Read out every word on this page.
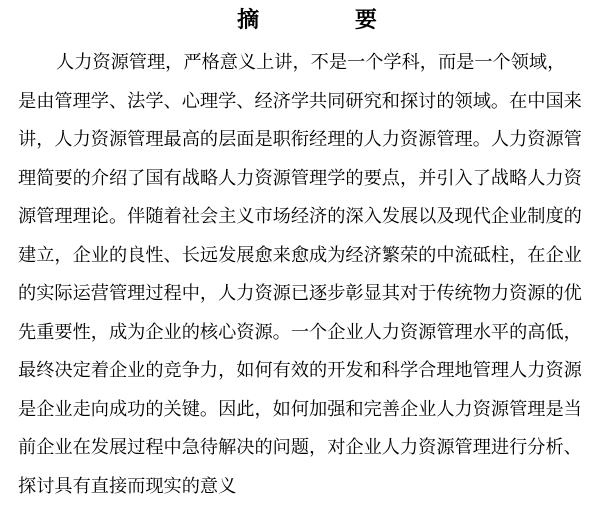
摘 要
人力资源管理，严格意义上讲，不是一个学科，而是一个领域，
是由管理学、法学、心理学、经济学共同研究和探讨的领域。在中国来
讲，人力资源管理最高的层面是职衔经理的人力资源管理。人力资源管
理简要的介绍了国有战略人力资源管理学的要点，并引入了战略人力资
源管理理论。伴随着社会主义市场经济的深入发展以及现代企业制度的
建立，企业的良性、长远发展愈来愈成为经济繁荣的中流砥柱，在企业
的实际运营管理过程中，人力资源已逐步彰显其对于传统物力资源的优
先重要性，成为企业的核心资源。一个企业人力资源管理水平的高低，
最终决定着企业的竞争力，如何有效的开发和科学合理地管理人力资源
是企业走向成功的关键。因此，如何加强和完善企业人力资源管理是当
前企业在发展过程中急待解决的问题，对企业人力资源管理进行分析、
探讨具有直接而现实的意义
